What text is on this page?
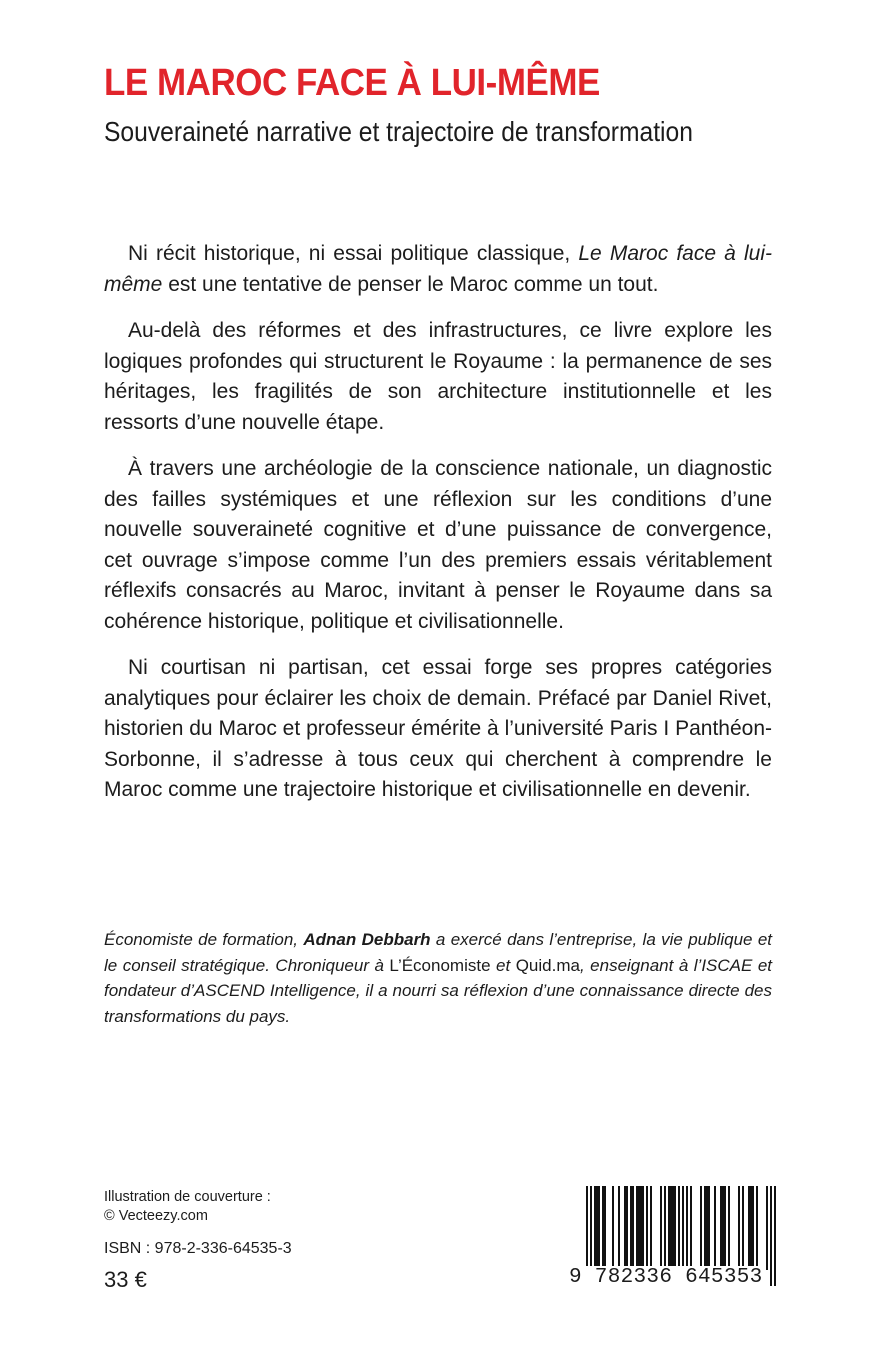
LE MAROC FACE À LUI-MÊME
Souveraineté narrative et trajectoire de transformation

Ni récit historique, ni essai politique classique, Le Maroc face à lui-même est une tentative de penser le Maroc comme un tout.

Au-delà des réformes et des infrastructures, ce livre explore les logiques profondes qui structurent le Royaume : la permanence de ses héritages, les fragilités de son architecture institutionnelle et les ressorts d’une nouvelle étape.

À travers une archéologie de la conscience nationale, un diagnostic des failles systémiques et une réflexion sur les conditions d’une nouvelle souveraineté cognitive et d’une puissance de convergence, cet ouvrage s’impose comme l’un des premiers essais véritablement réflexifs consacrés au Maroc, invitant à penser le Royaume dans sa cohérence historique, politique et civilisationnelle.

Ni courtisan ni partisan, cet essai forge ses propres catégories analytiques pour éclairer les choix de demain. Préfacé par Daniel Rivet, historien du Maroc et professeur émérite à l’université Paris I Panthéon-Sorbonne, il s’adresse à tous ceux qui cherchent à comprendre le Maroc comme une trajectoire historique et civilisationnelle en devenir.

Économiste de formation, Adnan Debbarh a exercé dans l’entreprise, la vie publique et le conseil stratégique. Chroniqueur à L’Économiste et Quid.ma, enseignant à l’ISCAE et fondateur d’ASCEND Intelligence, il a nourri sa réflexion d’une connaissance directe des transformations du pays.
Illustration de couverture :
© Vecteezy.com
ISBN : 978-2-336-64535-3
33 €	9 782336 645353
